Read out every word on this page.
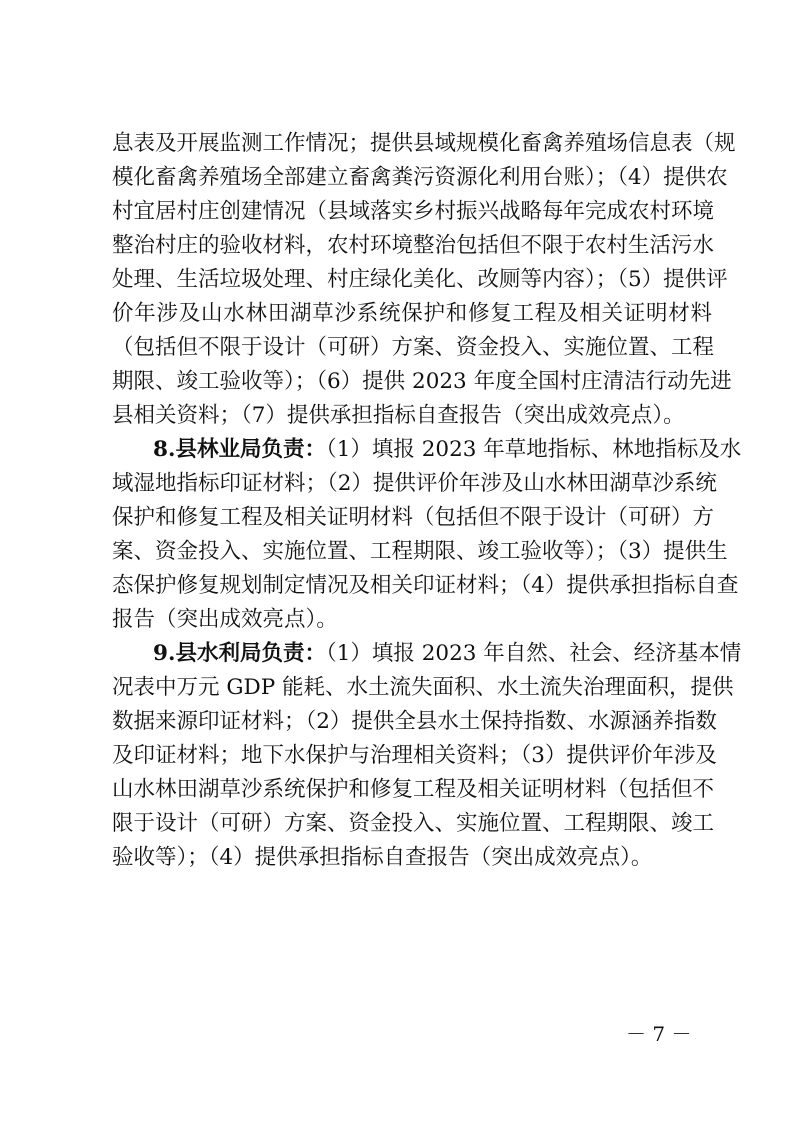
息表及开展监测工作情况；提供县域规模化畜禽养殖场信息表（规
模化畜禽养殖场全部建立畜禽粪污资源化利用台账）；（4）提供农
村宜居村庄创建情况（县域落实乡村振兴战略每年完成农村环境
整治村庄的验收材料，农村环境整治包括但不限于农村生活污水
处理、生活垃圾处理、村庄绿化美化、改厕等内容）；（5）提供评
价年涉及山水林田湖草沙系统保护和修复工程及相关证明材料
（包括但不限于设计（可研）方案、资金投入、实施位置、工程
期限、竣工验收等）；（6）提供 2023 年度全国村庄清洁行动先进
县相关资料；（7）提供承担指标自查报告（突出成效亮点）。
8.县林业局负责：（1）填报 2023 年草地指标、林地指标及水
域湿地指标印证材料；（2）提供评价年涉及山水林田湖草沙系统
保护和修复工程及相关证明材料（包括但不限于设计（可研）方
案、资金投入、实施位置、工程期限、竣工验收等）；（3）提供生
态保护修复规划制定情况及相关印证材料；（4）提供承担指标自查
报告（突出成效亮点）。
9.县水利局负责：（1）填报 2023 年自然、社会、经济基本情
况表中万元 GDP 能耗、水土流失面积、水土流失治理面积，提供
数据来源印证材料；（2）提供全县水土保持指数、水源涵养指数
及印证材料；地下水保护与治理相关资料；（3）提供评价年涉及
山水林田湖草沙系统保护和修复工程及相关证明材料（包括但不
限于设计（可研）方案、资金投入、实施位置、工程期限、竣工
验收等）；（4）提供承担指标自查报告（突出成效亮点）。
－ 7 －
